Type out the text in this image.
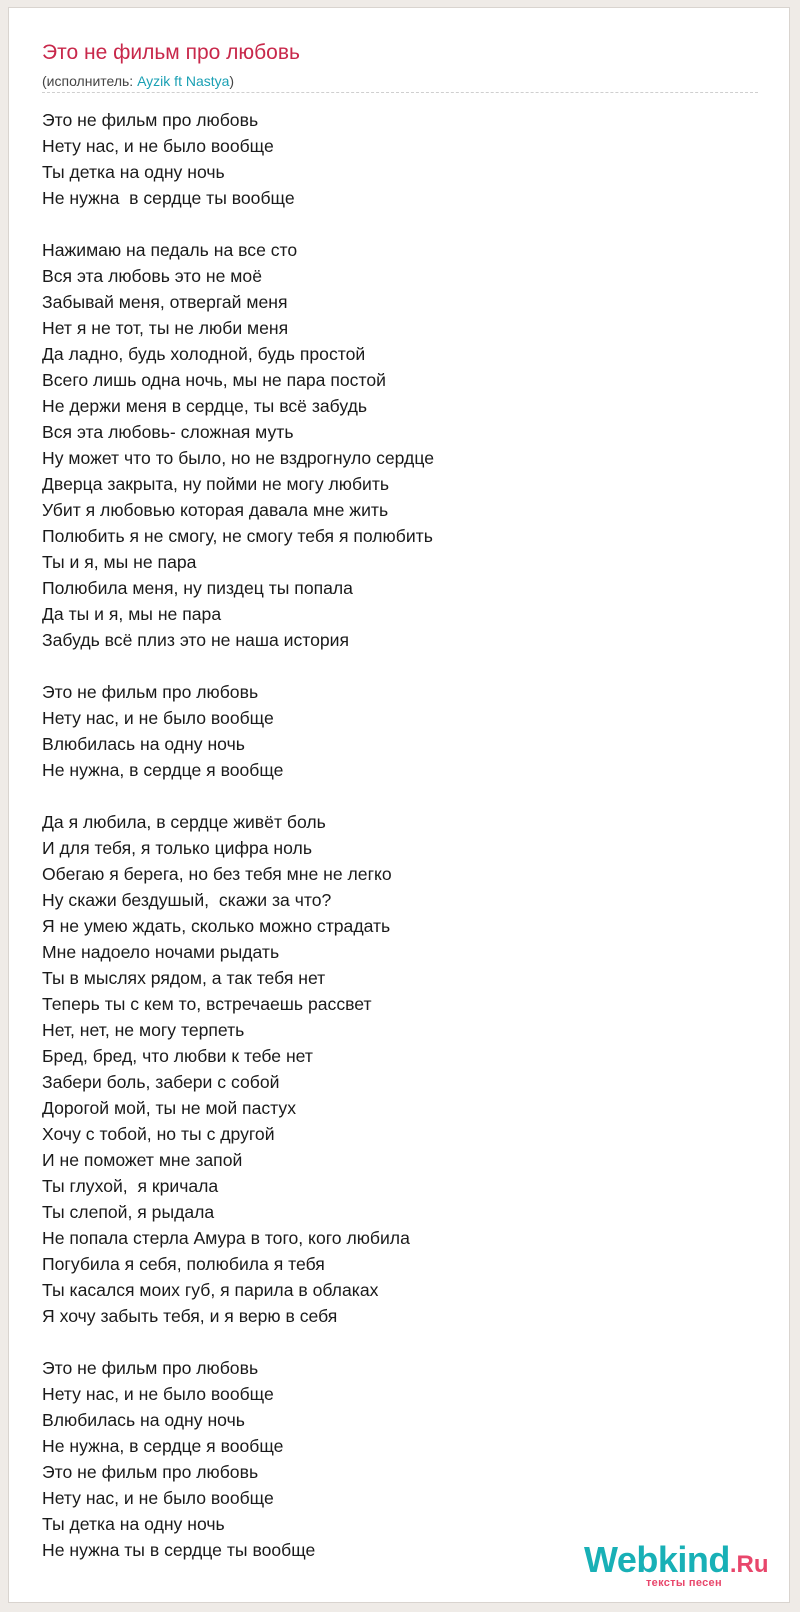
Это не фильм про любовь
(исполнитель: Ayzik ft Nastya)
Это не фильм про любовь
Нету нас, и не было вообще
Ты детка на одну ночь
Не нужна  в сердце ты вообще
Нажимаю на педаль на все сто
Вся эта любовь это не моё
Забывай меня, отвергай меня
Нет я не тот, ты не люби меня
Да ладно, будь холодной, будь простой
Всего лишь одна ночь, мы не пара постой
Не держи меня в сердце, ты всё забудь
Вся эта любовь- сложная муть
Ну может что то было, но не вздрогнуло сердце
Дверца закрыта, ну пойми не могу любить
Убит я любовью которая давала мне жить
Полюбить я не смогу, не смогу тебя я полюбить
Ты и я, мы не пара
Полюбила меня, ну пиздец ты попала
Да ты и я, мы не пара
Забудь всё плиз это не наша история
Это не фильм про любовь
Нету нас, и не было вообще
Влюбилась на одну ночь
Не нужна, в сердце я вообще
Да я любила, в сердце живёт боль
И для тебя, я только цифра ноль
Обегаю я берега, но без тебя мне не легко
Ну скажи бездушый,  скажи за что?
Я не умею ждать, сколько можно страдать
Мне надоело ночами рыдать
Ты в мыслях рядом, а так тебя нет
Теперь ты с кем то, встречаешь рассвет
Нет, нет, не могу терпеть
Бред, бред, что любви к тебе нет
Забери боль, забери с собой
Дорогой мой, ты не мой пастух
Хочу с тобой, но ты с другой
И не поможет мне запой
Ты глухой,  я кричала
Ты слепой, я рыдала
Не попала стерла Амура в того, кого любила
Погубила я себя, полюбила я тебя
Ты касался моих губ, я парила в облаках
Я хочу забыть тебя, и я верю в себя
Это не фильм про любовь
Нету нас, и не было вообще
Влюбилась на одну ночь
Не нужна, в сердце я вообще
Это не фильм про любовь
Нету нас, и не было вообще
Ты детка на одну ночь
Не нужна ты в сердце ты вообще	Webkind.Ru
тексты песен
